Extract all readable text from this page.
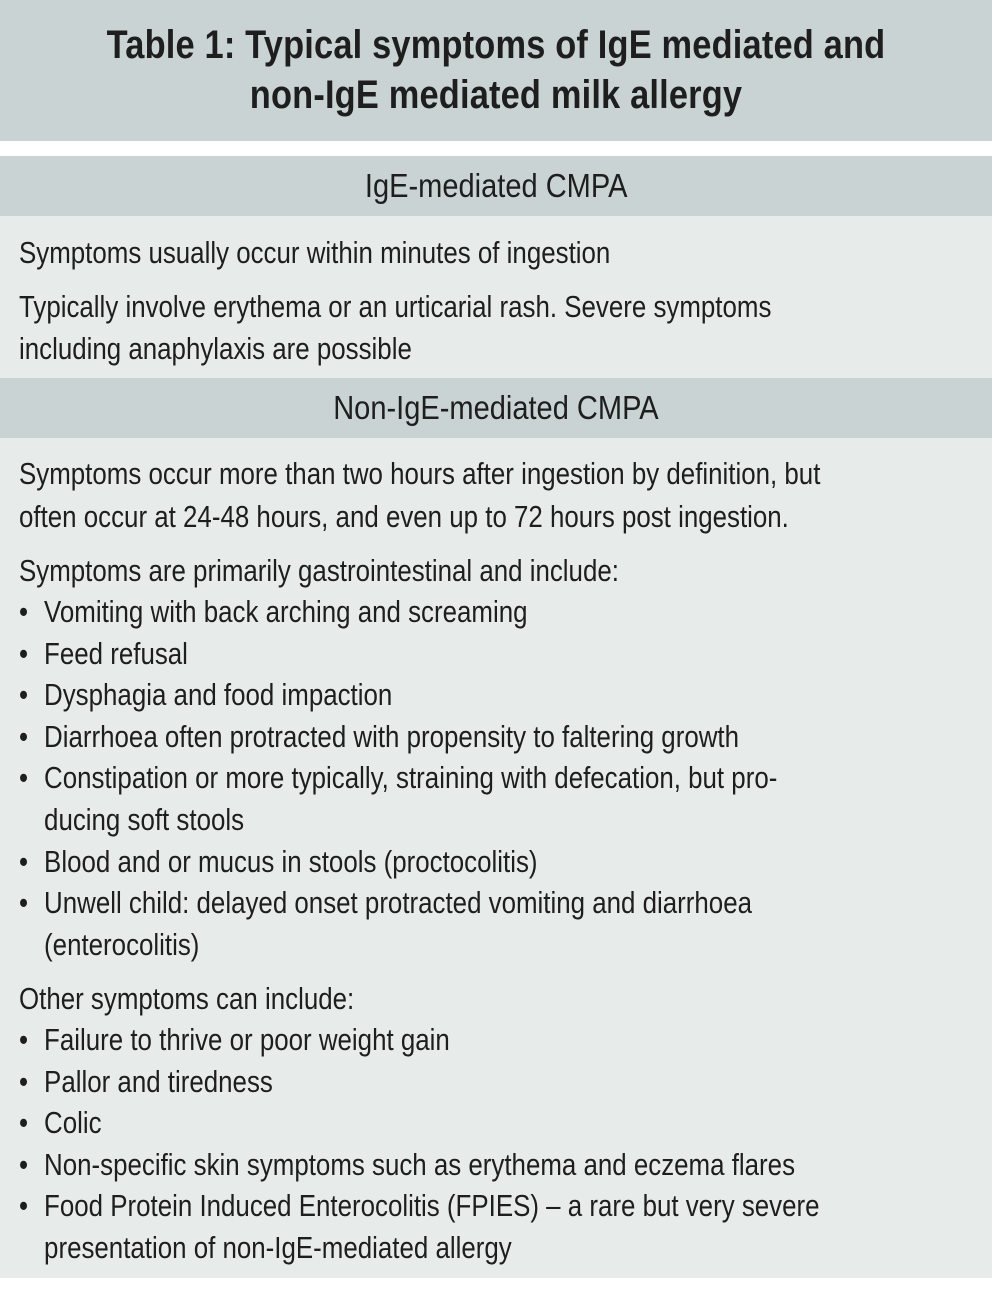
Table 1: Typical symptoms of IgE mediated and
non-IgE mediated milk allergy
IgE-mediated CMPA
Symptoms usually occur within minutes of ingestion
Typically involve erythema or an urticarial rash. Severe symptoms
including anaphylaxis are possible
Non-IgE-mediated CMPA
Symptoms occur more than two hours after ingestion by definition, but
often occur at 24-48 hours, and even up to 72 hours post ingestion.
Symptoms are primarily gastrointestinal and include:
• Vomiting with back arching and screaming
• Feed refusal
• Dysphagia and food impaction
• Diarrhoea often protracted with propensity to faltering growth
• Constipation or more typically, straining with defecation, but pro-
ducing soft stools
• Blood and or mucus in stools (proctocolitis)
• Unwell child: delayed onset protracted vomiting and diarrhoea
(enterocolitis)
Other symptoms can include:
• Failure to thrive or poor weight gain
• Pallor and tiredness
• Colic
• Non-specific skin symptoms such as erythema and eczema flares
• Food Protein Induced Enterocolitis (FPIES) – a rare but very severe
presentation of non-IgE-mediated allergy
